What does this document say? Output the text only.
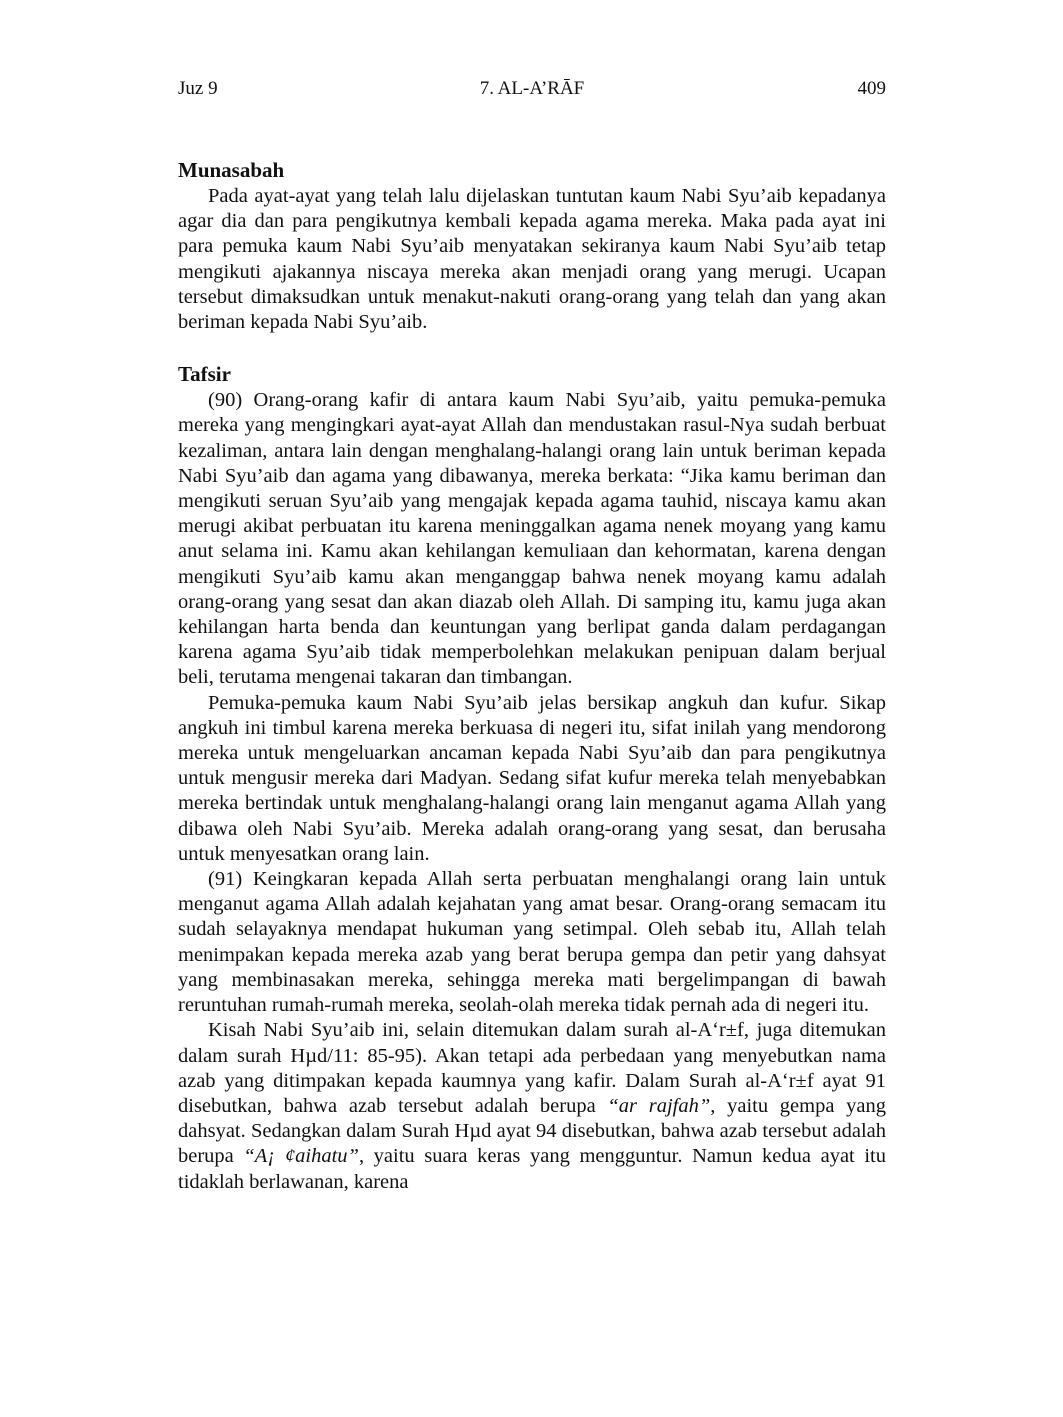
Juz 9	7. AL-A’RĀF	409
Munasabah

Pada ayat-ayat yang telah lalu dijelaskan tuntutan kaum Nabi Syu’aib kepadanya agar dia dan para pengikutnya kembali kepada agama mereka. Maka pada ayat ini para pemuka kaum Nabi Syu’aib menyatakan sekiranya kaum Nabi Syu’aib tetap mengikuti ajakannya niscaya mereka akan menjadi orang yang merugi. Ucapan tersebut dimaksudkan untuk menakut-nakuti orang-orang yang telah dan yang akan beriman kepada Nabi Syu’aib.

Tafsir

(90) Orang-orang kafir di antara kaum Nabi Syu’aib, yaitu pemuka-pemuka mereka yang mengingkari ayat-ayat Allah dan mendustakan rasul-Nya sudah berbuat kezaliman, antara lain dengan menghalang-halangi orang lain untuk beriman kepada Nabi Syu’aib dan agama yang dibawanya, mereka berkata: “Jika kamu beriman dan mengikuti seruan Syu’aib yang mengajak kepada agama tauhid, niscaya kamu akan merugi akibat perbuatan itu karena meninggalkan agama nenek moyang yang kamu anut selama ini. Kamu akan kehilangan kemuliaan dan kehormatan, karena dengan mengikuti Syu’aib kamu akan menganggap bahwa nenek moyang kamu adalah orang-orang yang sesat dan akan diazab oleh Allah. Di samping itu, kamu juga akan kehilangan harta benda dan keuntungan yang berlipat ganda dalam perdagangan karena agama Syu’aib tidak memperbolehkan melakukan penipuan dalam berjual beli, terutama mengenai takaran dan timbangan.

Pemuka-pemuka kaum Nabi Syu’aib jelas bersikap angkuh dan kufur. Sikap angkuh ini timbul karena mereka berkuasa di negeri itu, sifat inilah yang mendorong mereka untuk mengeluarkan ancaman kepada Nabi Syu’aib dan para pengikutnya untuk mengusir mereka dari Madyan. Sedang sifat kufur mereka telah menyebabkan mereka bertindak untuk menghalang-halangi orang lain menganut agama Allah yang dibawa oleh Nabi Syu’aib. Mereka adalah orang-orang yang sesat, dan berusaha untuk menyesatkan orang lain.

(91) Keingkaran kepada Allah serta perbuatan menghalangi orang lain untuk menganut agama Allah adalah kejahatan yang amat besar. Orang-orang semacam itu sudah selayaknya mendapat hukuman yang setimpal. Oleh sebab itu, Allah telah menimpakan kepada mereka azab yang berat berupa gempa dan petir yang dahsyat yang membinasakan mereka, sehingga mereka mati bergelimpangan di bawah reruntuhan rumah-rumah mereka, seolah-olah mereka tidak pernah ada di negeri itu.

Kisah Nabi Syu’aib ini, selain ditemukan dalam surah al-A‘r±f, juga ditemukan dalam surah Hµd/11: 85-95). Akan tetapi ada perbedaan yang menyebutkan nama azab yang ditimpakan kepada kaumnya yang kafir. Dalam Surah al-A‘r±f ayat 91 disebutkan, bahwa azab tersebut adalah berupa “ar rajfah”, yaitu gempa yang dahsyat. Sedangkan dalam Surah Hµd ayat 94 disebutkan, bahwa azab tersebut adalah berupa “A¡ ¢aihatu”, yaitu suara keras yang mengguntur. Namun kedua ayat itu tidaklah berlawanan, karena
